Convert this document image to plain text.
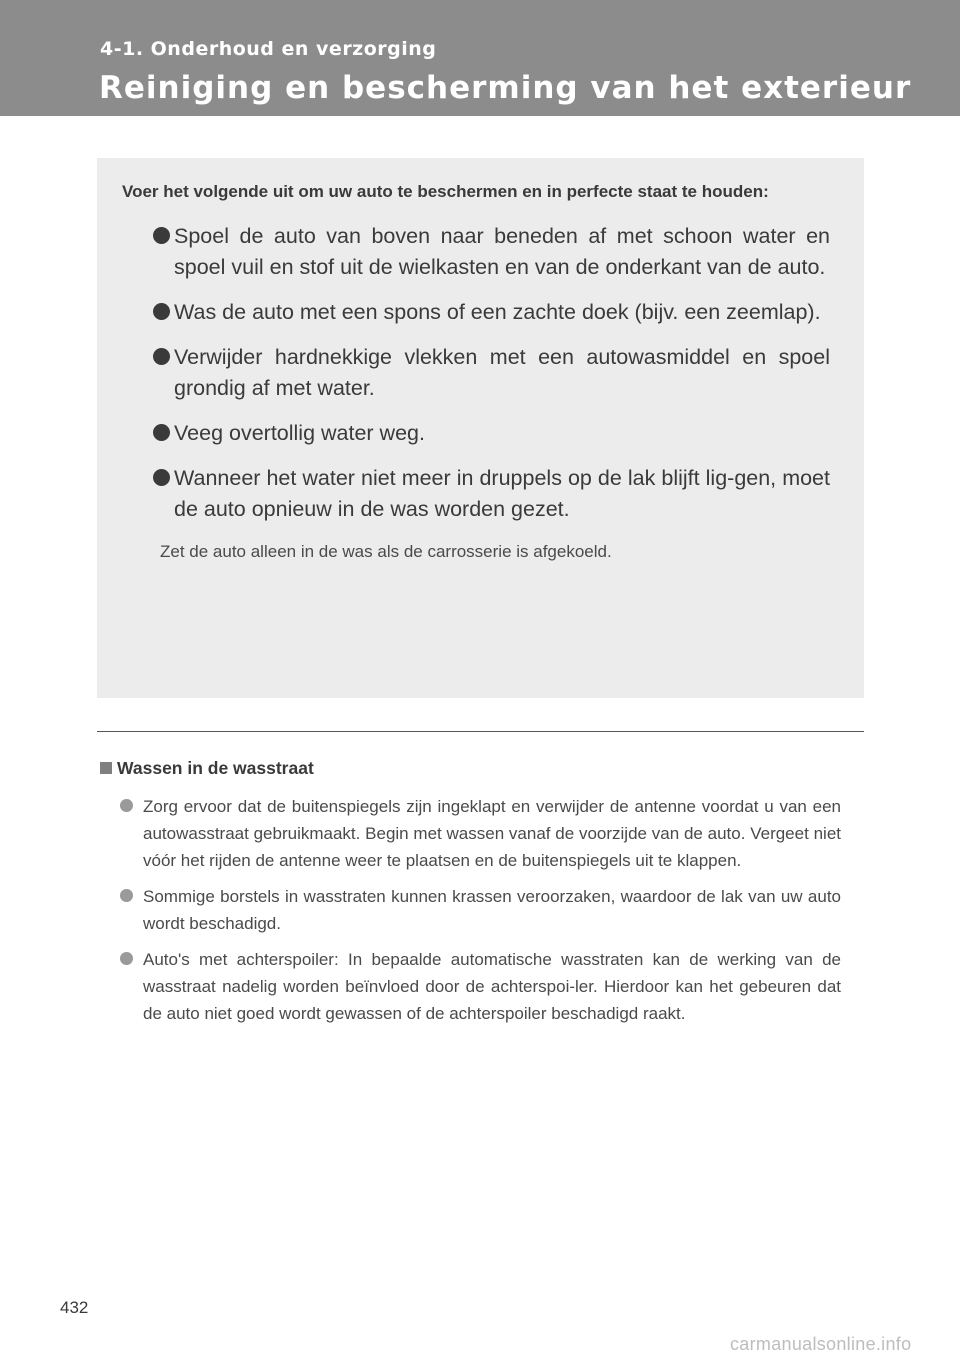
4-1. Onderhoud en verzorging

Reiniging en bescherming van het exterieur

Voer het volgende uit om uw auto te beschermen en in perfecte staat te houden:

Spoel de auto van boven naar beneden af met schoon water en spoel vuil en stof uit de wielkasten en van de onderkant van de auto.
Was de auto met een spons of een zachte doek (bijv. een zeemlap).
Verwijder hardnekkige vlekken met een autowasmiddel en spoel grondig af met water.
Veeg overtollig water weg.
Wanneer het water niet meer in druppels op de lak blijft lig-gen, moet de auto opnieuw in de was worden gezet.

Zet de auto alleen in de was als de carrosserie is afgekoeld.

Wassen in de wasstraat

Zorg ervoor dat de buitenspiegels zijn ingeklapt en verwijder de antenne voordat u van een autowasstraat gebruikmaakt. Begin met wassen vanaf de voorzijde van de auto. Vergeet niet vóór het rijden de antenne weer te plaatsen en de buitenspiegels uit te klappen.
Sommige borstels in wasstraten kunnen krassen veroorzaken, waardoor de lak van uw auto wordt beschadigd.
Auto's met achterspoiler: In bepaalde automatische wasstraten kan de werking van de wasstraat nadelig worden beïnvloed door de achterspoi-ler. Hierdoor kan het gebeuren dat de auto niet goed wordt gewassen of de achterspoiler beschadigd raakt.

432

carmanualsonline.info
